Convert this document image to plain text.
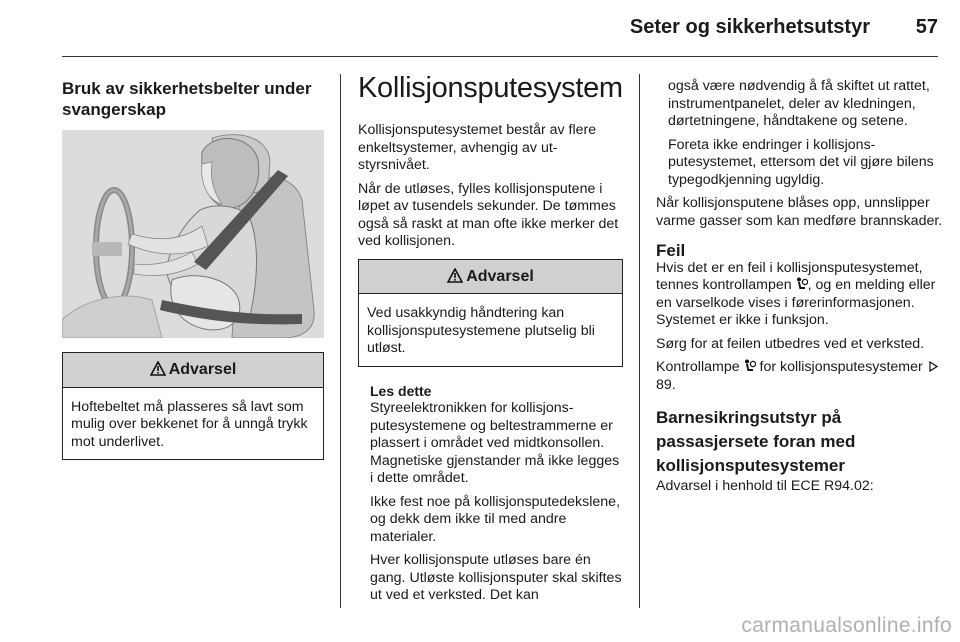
Seter og sikkerhetsutstyr 57
Bruk av sikkerhetsbelter under svangerskap
Advarsel
Hoftebeltet må plasseres så lavt som mulig over bekkenet for å unngå trykk mot underlivet.
Kollisjonsputesystem

Kollisjonsputesystemet består av flere enkeltsystemer, avhengig av utstyrsnivået.

Når de utløses, fylles kollisjonsputene i løpet av tusendels sekunder. De tømmes også så raskt at man ofte ikke merker det ved kollisjonen.

Advarsel
Ved usakkyndig håndtering kan kollisjonsputesystemene plutselig bli utløst.
Les dette

Styreelektronikken for kollisjonsputesystemene og beltestrammerne er plassert i området ved midtkonsollen. Magnetiske gjenstander må ikke legges i dette området.

Ikke fest noe på kollisjonsputedekslene, og dekk dem ikke til med andre materialer.

Hver kollisjonspute utløses bare én gang. Utløste kollisjonsputer skal skiftes ut ved et verksted. Det kan

også være nødvendig å få skiftet ut rattet, instrumentpanelet, deler av kledningen, dørtetningene, håndtakene og setene.

Foreta ikke endringer i kollisjonsputesystemet, ettersom det vil gjøre bilens typegodkjenning ugyldig.

Når kollisjonsputene blåses opp, unnslipper varme gasser som kan medføre brannskader.

Feil

Hvis det er en feil i kollisjonsputesystemet, tennes kontrollampen , og en melding eller en varselkode vises i førerinformasjonen. Systemet er ikke i funksjon.

Sørg for at feilen utbedres ved et verksted.

Kontrollampe for kollisjonsputesystemer 89.

Barnesikringsutstyr på passasjersete foran med kollisjonsputesystemer

Advarsel i henhold til ECE R94.02:

carmanualsonline.info
